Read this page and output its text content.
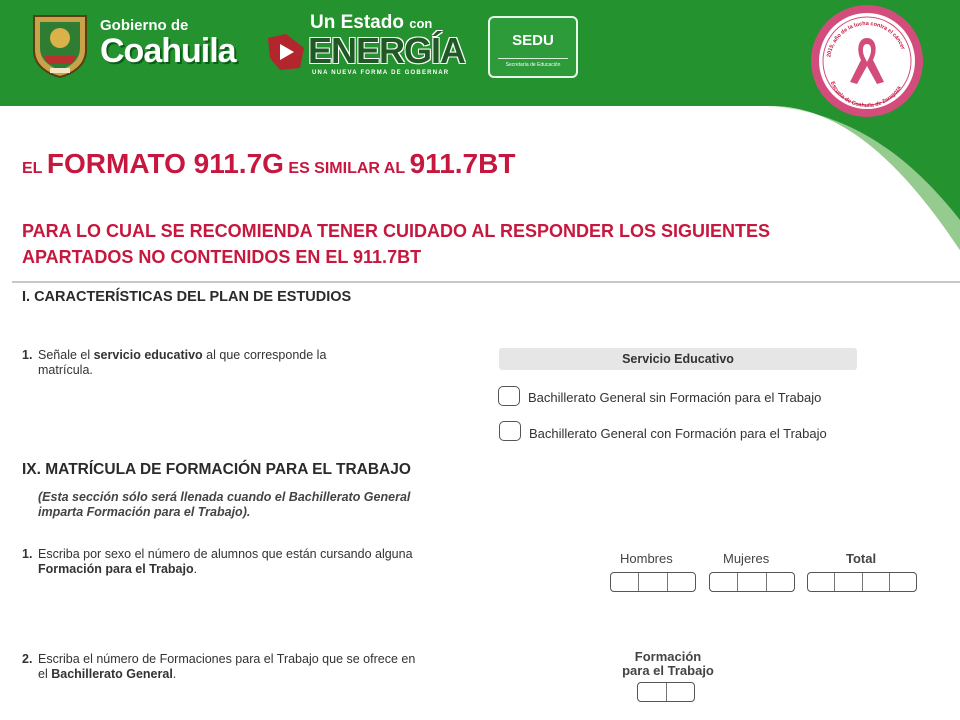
Gobierno de
Coahuila
Un Estado con
ENERGÍA
UNA NUEVA FORMA DE GOBERNAR
SEDU
Secretaría de Educación
2015, año de la lucha contra el cáncer
Escuela de Coahuila de Zaragoza
EL FORMATO 911.7G ES SIMILAR AL 911.7BT
PARA LO CUAL SE RECOMIENDA TENER CUIDADO AL RESPONDER LOS SIGUIENTES APARTADOS NO CONTENIDOS EN EL 911.7BT
I. CARACTERÍSTICAS DEL PLAN DE ESTUDIOS
1. Señale el servicio educativo al que corresponde la
matrícula.
Servicio Educativo
Bachillerato General sin Formación para el Trabajo
Bachillerato General con Formación para el Trabajo
IX. MATRÍCULA DE FORMACIÓN PARA EL TRABAJO
(Esta sección sólo será llenada cuando el Bachillerato General
imparta Formación para el Trabajo).
1. Escriba por sexo el número de alumnos que están cursando alguna
Formación para el Trabajo.
Hombres	Mujeres	Total
2. Escriba el número de Formaciones para el Trabajo que se ofrece en
el Bachillerato General.
Formación
para el Trabajo
